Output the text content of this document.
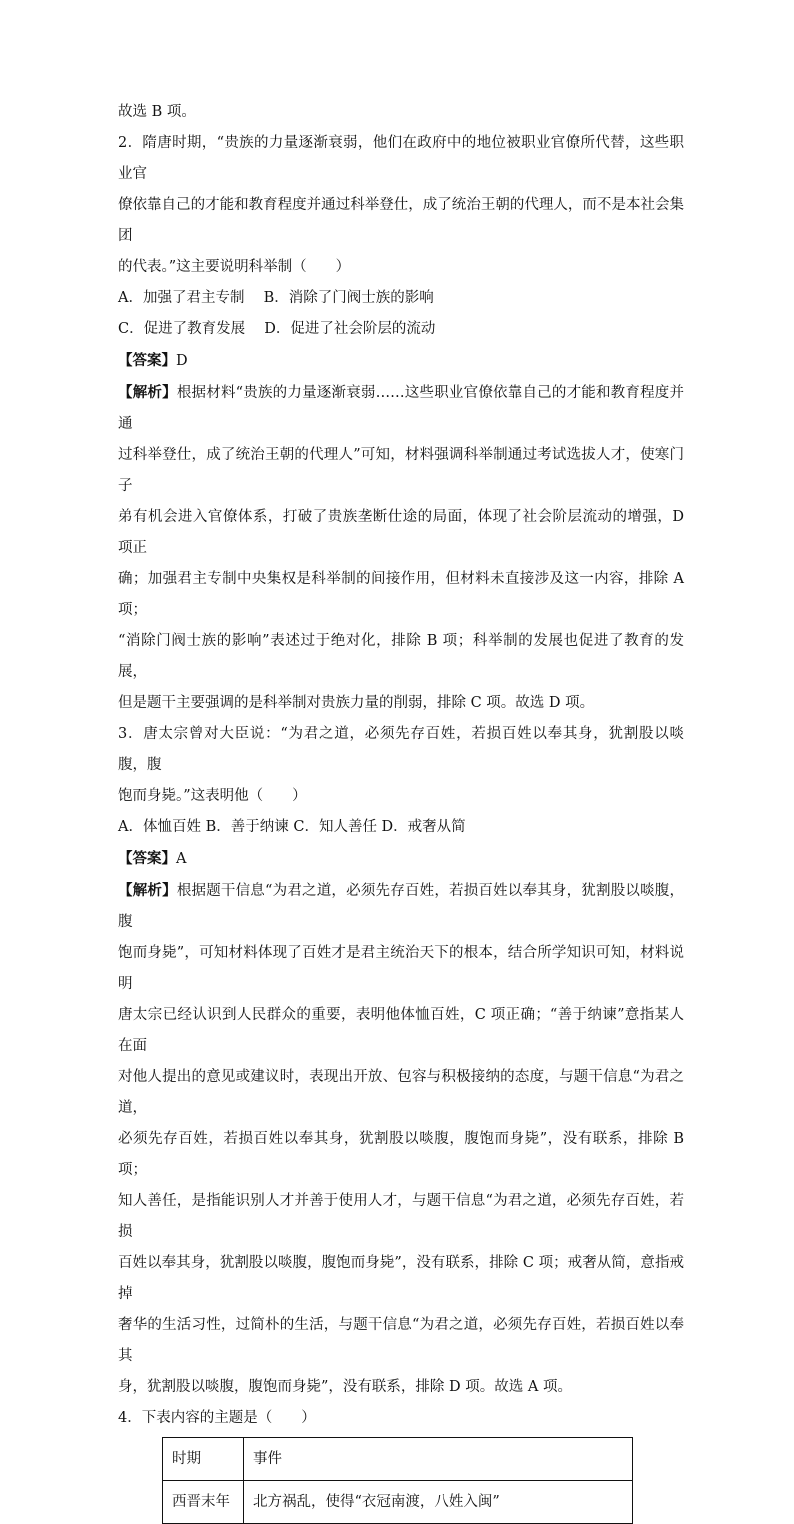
故选 B 项。

2．隋唐时期，“贵族的力量逐渐衰弱，他们在政府中的地位被职业官僚所代替，这些职业官

僚依靠自己的才能和教育程度并通过科举登仕，成了统治王朝的代理人，而不是本社会集团

的代表。”这主要说明科举制（　　）

A．加强了君主专制　 B．消除了门阀士族的影响

C．促进了教育发展　 D．促进了社会阶层的流动

【答案】D

【解析】根据材料“贵族的力量逐渐衰弱……这些职业官僚依靠自己的才能和教育程度并通

过科举登仕，成了统治王朝的代理人”可知，材料强调科举制通过考试选拔人才，使寒门子

弟有机会进入官僚体系，打破了贵族垄断仕途的局面，体现了社会阶层流动的增强，D 项正

确；加强君主专制中央集权是科举制的间接作用，但材料未直接涉及这一内容，排除 A 项；

“消除门阀士族的影响”表述过于绝对化，排除 B 项；科举制的发展也促进了教育的发展，

但是题干主要强调的是科举制对贵族力量的削弱，排除 C 项。故选 D 项。

3．唐太宗曾对大臣说：“为君之道，必须先存百姓，若损百姓以奉其身，犹割股以啖腹，腹

饱而身毙。”这表明他（　　）

A．体恤百姓 B．善于纳谏 C．知人善任 D．戒奢从简

【答案】A

【解析】根据题干信息“为君之道，必须先存百姓，若损百姓以奉其身，犹割股以啖腹，腹

饱而身毙”，可知材料体现了百姓才是君主统治天下的根本，结合所学知识可知，材料说明

唐太宗已经认识到人民群众的重要，表明他体恤百姓，C 项正确；“善于纳谏”意指某人在面

对他人提出的意见或建议时，表现出开放、包容与积极接纳的态度，与题干信息“为君之道，

必须先存百姓，若损百姓以奉其身，犹割股以啖腹，腹饱而身毙”，没有联系，排除 B 项；

知人善任，是指能识别人才并善于使用人才，与题干信息“为君之道，必须先存百姓，若损

百姓以奉其身，犹割股以啖腹，腹饱而身毙”，没有联系，排除 C 项；戒奢从简，意指戒掉

奢华的生活习性，过简朴的生活，与题干信息“为君之道，必须先存百姓，若损百姓以奉其

身，犹割股以啖腹，腹饱而身毙”，没有联系，排除 D 项。故选 A 项。

4．下表内容的主题是（　　）

时期	事件
西晋末年	北方祸乱，使得“衣冠南渡，八姓入闽”
